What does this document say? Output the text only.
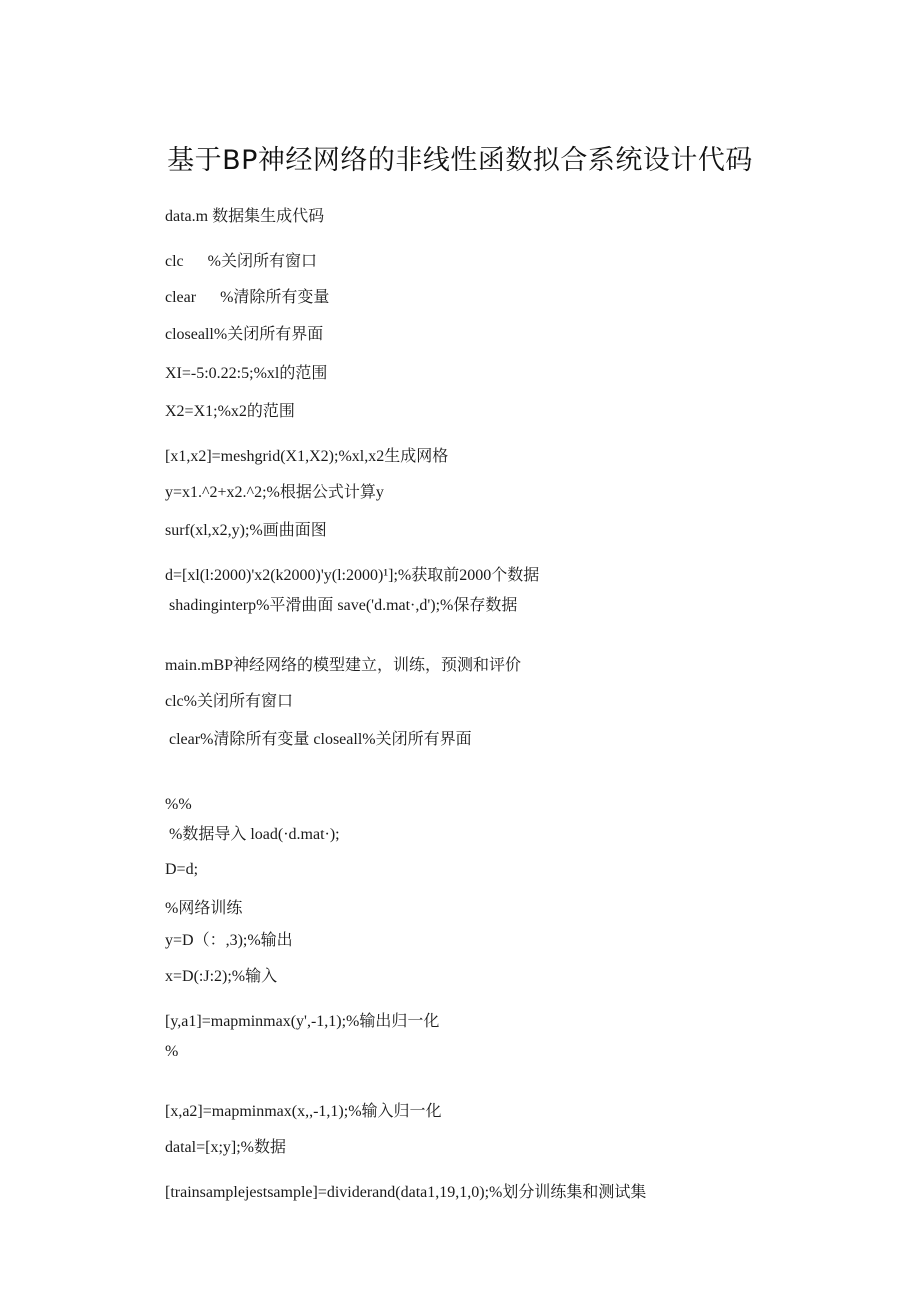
基于BP神经网络的非线性函数拟合系统设计代码
data.m 数据集生成代码
clc      %关闭所有窗口
clear      %清除所有变量
closeall%关闭所有界面
XI=-5:0.22:5;%xl的范围
X2=X1;%x2的范围
[x1,x2]=meshgrid(X1,X2);%xl,x2生成网格
y=x1.^2+x2.^2;%根据公式计算y
surf(xl,x2,y);%画曲面图
d=[xl(l:2000)'x2(k2000)'y(l:2000)¹];%获取前2000个数据
shadinginterp%平滑曲面 save('d.mat·,d');%保存数据
main.mBP神经网络的模型建立，训练，预测和评价
clc%关闭所有窗口
clear%清除所有变量 closeall%关闭所有界面
%%
%数据导入 load(·d.mat·);
D=d;
%网络训练
y=D（：,3);%输出
x=D(:J:2);%输入
[y,a1]=mapminmax(y',-1,1);%输出归一化
%
[x,a2]=mapminmax(x,,-1,1);%输入归一化
datal=[x;y];%数据
[trainsamplejestsample]=dividerand(data1,19,1,0);%划分训练集和测试集
